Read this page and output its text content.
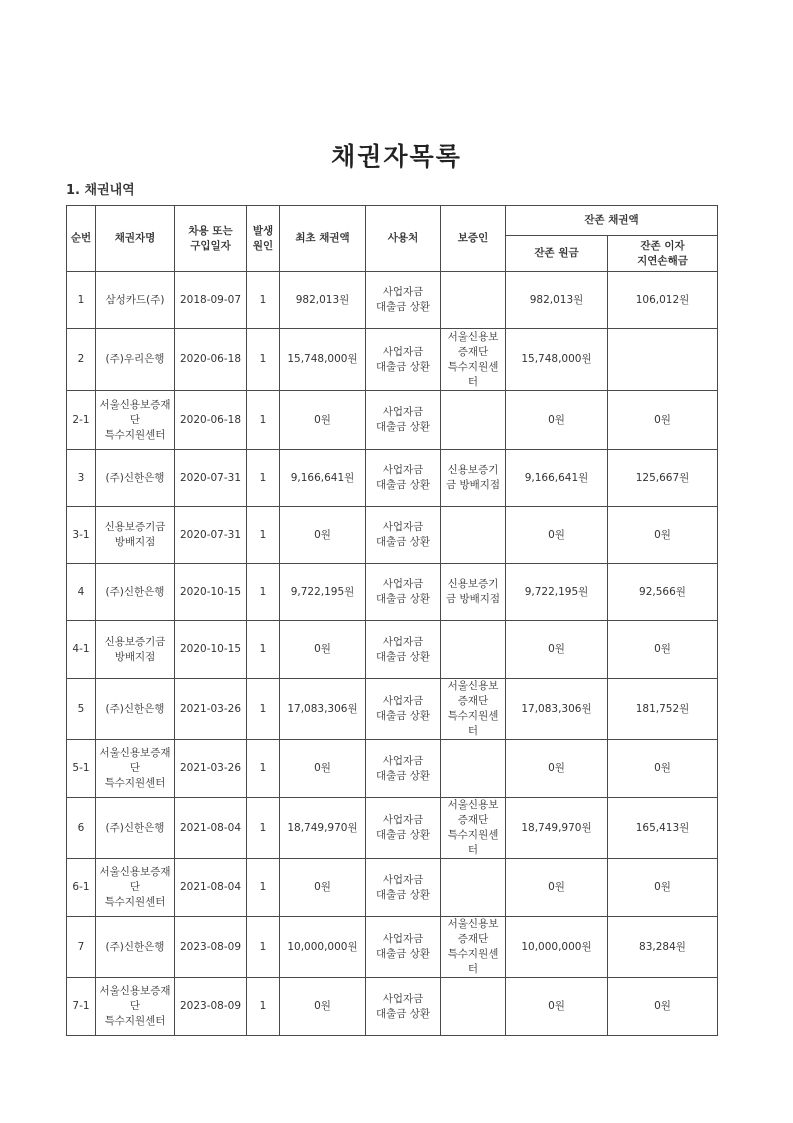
채권자목록
1. 채권내역
순번	채권자명	차용 또는
구입일자	발생
원인	최초 채권액	사용처	보증인	잔존 채권액	

							잔존 원금	잔존 이자
지연손해금

1	삼성카드(주)	2018-09-07	1	982,013원	사업자금
대출금 상환		982,013원	106,012원

2	(주)우리은행	2020-06-18	1	15,748,000원	사업자금
대출금 상환	서울신용보
증재단
특수지원센
터	15,748,000원	

2-1	서울신용보증재
단
특수지원센터	2020-06-18	1	0원	사업자금
대출금 상환		0원	0원

3	(주)신한은행	2020-07-31	1	9,166,641원	사업자금
대출금 상환	신용보증기
금 방배지점	9,166,641원	125,667원

3-1	신용보증기금
방배지점	2020-07-31	1	0원	사업자금
대출금 상환		0원	0원

4	(주)신한은행	2020-10-15	1	9,722,195원	사업자금
대출금 상환	신용보증기
금 방배지점	9,722,195원	92,566원

4-1	신용보증기금
방배지점	2020-10-15	1	0원	사업자금
대출금 상환		0원	0원

5	(주)신한은행	2021-03-26	1	17,083,306원	사업자금
대출금 상환	서울신용보
증재단
특수지원센
터	17,083,306원	181,752원

5-1	서울신용보증재
단
특수지원센터	2021-03-26	1	0원	사업자금
대출금 상환		0원	0원

6	(주)신한은행	2021-08-04	1	18,749,970원	사업자금
대출금 상환	서울신용보
증재단
특수지원센
터	18,749,970원	165,413원

6-1	서울신용보증재
단
특수지원센터	2021-08-04	1	0원	사업자금
대출금 상환		0원	0원

7	(주)신한은행	2023-08-09	1	10,000,000원	사업자금
대출금 상환	서울신용보
증재단
특수지원센
터	10,000,000원	83,284원

7-1	서울신용보증재
단
특수지원센터	2023-08-09	1	0원	사업자금
대출금 상환		0원	0원
